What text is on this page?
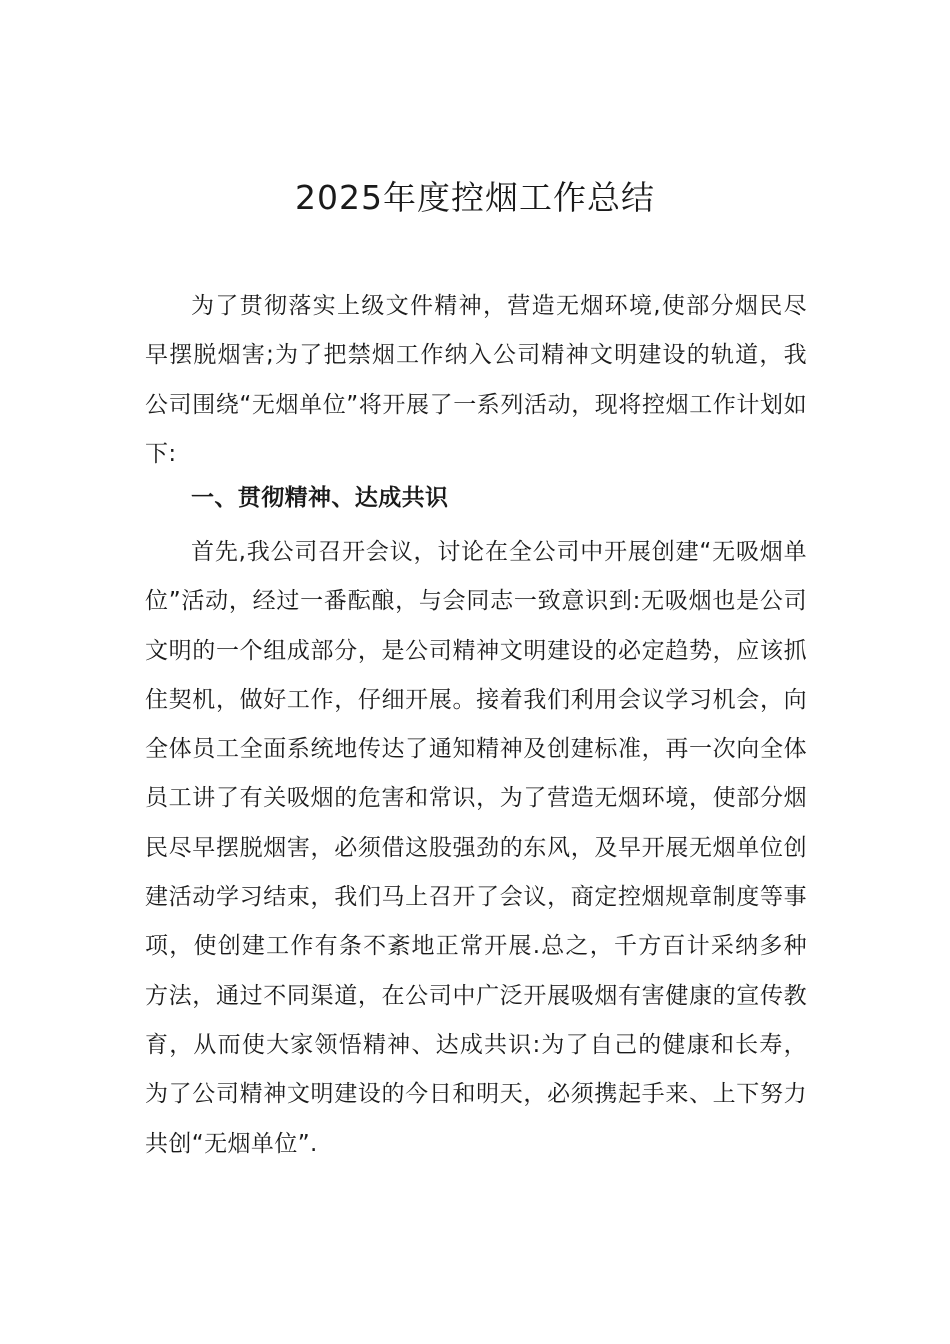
2025年度控烟工作总结

为了贯彻落实上级文件精神，营造无烟环境,使部分烟民尽早摆脱烟害;为了把禁烟工作纳入公司精神文明建设的轨道，我公司围绕“无烟单位”将开展了一系列活动，现将控烟工作计划如下:

一、贯彻精神、达成共识

首先,我公司召开会议，讨论在全公司中开展创建“无吸烟单位”活动，经过一番酝酿，与会同志一致意识到:无吸烟也是公司文明的一个组成部分，是公司精神文明建设的必定趋势，应该抓住契机，做好工作，仔细开展。接着我们利用会议学习机会，向全体员工全面系统地传达了通知精神及创建标准，再一次向全体员工讲了有关吸烟的危害和常识，为了营造无烟环境，使部分烟民尽早摆脱烟害，必须借这股强劲的东风，及早开展无烟单位创建活动学习结束，我们马上召开了会议，商定控烟规章制度等事项，使创建工作有条不紊地正常开展.总之，千方百计采纳多种方法，通过不同渠道，在公司中广泛开展吸烟有害健康的宣传教育，从而使大家领悟精神、达成共识:为了自己的健康和长寿，为了公司精神文明建设的今日和明天，必须携起手来、上下努力共创“无烟单位”.
